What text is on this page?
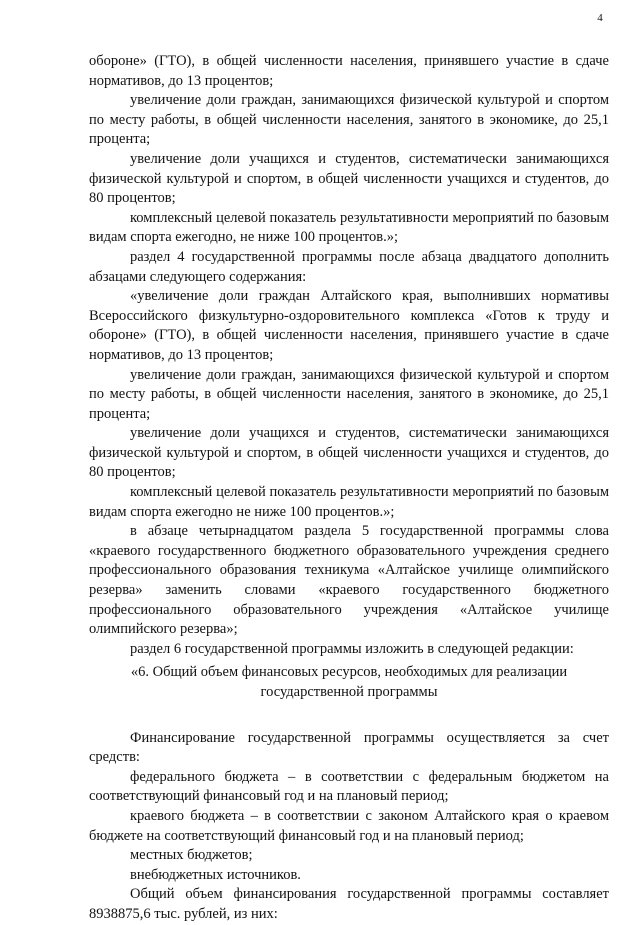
4

обороне» (ГТО), в общей численности населения, принявшего участие в сдаче нормативов, до 13 процентов;

увеличение доли граждан, занимающихся физической культурой и спортом по месту работы, в общей численности населения, занятого в экономике, до 25,1 процента;

увеличение доли учащихся и студентов, систематически занимающихся физической культурой и спортом, в общей численности учащихся и студентов, до 80 процентов;

комплексный целевой показатель результативности мероприятий по базовым видам спорта ежегодно, не ниже 100 процентов.»;

раздел 4 государственной программы после абзаца двадцатого дополнить абзацами следующего содержания:

«увеличение доли граждан Алтайского края, выполнивших нормативы Всероссийского физкультурно-оздоровительного комплекса «Готов к труду и обороне» (ГТО), в общей численности населения, принявшего участие в сдаче нормативов, до 13 процентов;

увеличение доли граждан, занимающихся физической культурой и спортом по месту работы, в общей численности населения, занятого в экономике, до 25,1 процента;

увеличение доли учащихся и студентов, систематически занимающихся физической культурой и спортом, в общей численности учащихся и студентов, до 80 процентов;

комплексный целевой показатель результативности мероприятий по базовым видам спорта ежегодно не ниже 100 процентов.»;

в абзаце четырнадцатом раздела 5 государственной программы слова «краевого государственного бюджетного образовательного учреждения среднего профессионального образования техникума «Алтайское училище олимпийского резерва» заменить словами «краевого государственного бюджетного профессионального образовательного учреждения «Алтайское училище олимпийского резерва»;

раздел 6 государственной программы изложить в следующей редакции:

«6. Общий объем финансовых ресурсов, необходимых для реализации
государственной программы

Финансирование государственной программы осуществляется за счет средств:

федерального бюджета – в соответствии с федеральным бюджетом на соответствующий финансовый год и на плановый период;

краевого бюджета – в соответствии с законом Алтайского края о краевом бюджете на соответствующий финансовый год и на плановый период;

местных бюджетов;

внебюджетных источников.

Общий объем финансирования государственной программы составляет 8938875,6 тыс. рублей, из них:
